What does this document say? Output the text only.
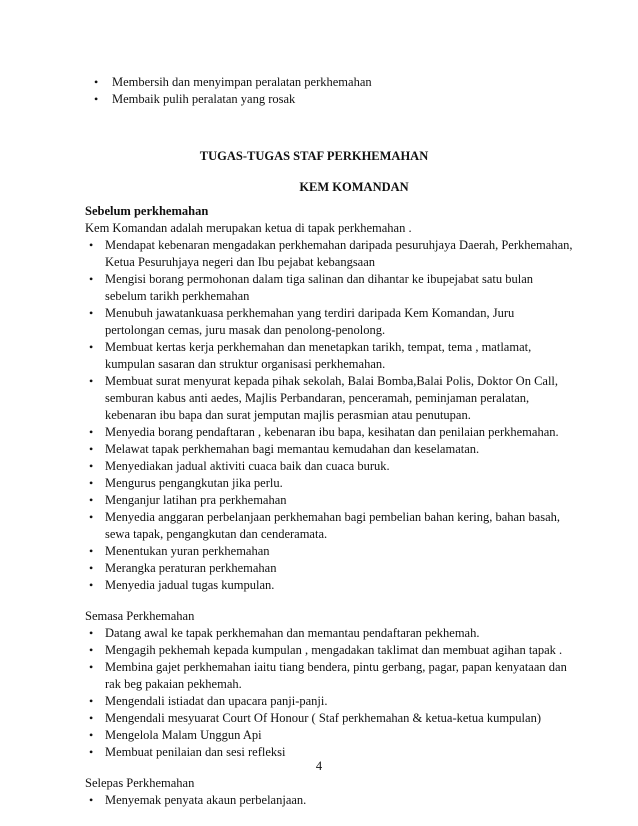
• Membersih dan menyimpan peralatan perkhemahan
• Membaik pulih peralatan yang rosak
TUGAS-TUGAS STAF PERKHEMAHAN
KEM KOMANDAN
Sebelum perkhemahan
Kem Komandan adalah merupakan ketua di tapak perkhemahan .
• Mendapat kebenaran mengadakan perkhemahan daripada pesuruhjaya Daerah, Perkhemahan, Ketua Pesuruhjaya negeri dan Ibu pejabat kebangsaan
• Mengisi borang permohonan dalam tiga salinan dan dihantar ke ibupejabat satu bulan sebelum tarikh perkhemahan
• Menubuh jawatankuasa perkhemahan yang terdiri daripada Kem Komandan, Juru pertolongan cemas, juru masak dan penolong-penolong.
• Membuat kertas kerja perkhemahan dan menetapkan tarikh, tempat, tema , matlamat, kumpulan sasaran dan struktur organisasi perkhemahan.
• Membuat surat menyurat kepada pihak sekolah, Balai Bomba,Balai Polis, Doktor On Call, semburan kabus anti aedes, Majlis Perbandaran, penceramah, peminjaman peralatan, kebenaran ibu bapa dan surat jemputan majlis perasmian atau penutupan.
• Menyedia borang pendaftaran , kebenaran ibu bapa, kesihatan dan penilaian perkhemahan.
• Melawat tapak perkhemahan bagi memantau kemudahan dan keselamatan.
• Menyediakan jadual aktiviti cuaca baik dan cuaca buruk.
• Mengurus pengangkutan jika perlu.
• Menganjur latihan pra perkhemahan
• Menyedia anggaran perbelanjaan perkhemahan bagi pembelian bahan kering, bahan basah, sewa tapak, pengangkutan dan cenderamata.
• Menentukan yuran perkhemahan
• Merangka peraturan perkhemahan
• Menyedia jadual tugas kumpulan.
Semasa Perkhemahan
• Datang awal ke tapak perkhemahan dan memantau pendaftaran pekhemah.
• Mengagih pekhemah kepada kumpulan , mengadakan taklimat dan membuat agihan tapak .
• Membina gajet perkhemahan iaitu tiang bendera, pintu gerbang, pagar, papan kenyataan dan rak beg pakaian pekhemah.
• Mengendali istiadat dan upacara panji-panji.
• Mengendali mesyuarat Court Of Honour ( Staf perkhemahan & ketua-ketua kumpulan)
• Mengelola Malam Unggun Api
• Membuat penilaian dan sesi refleksi
Selepas Perkhemahan
• Menyemak penyata akaun perbelanjaan.
4
